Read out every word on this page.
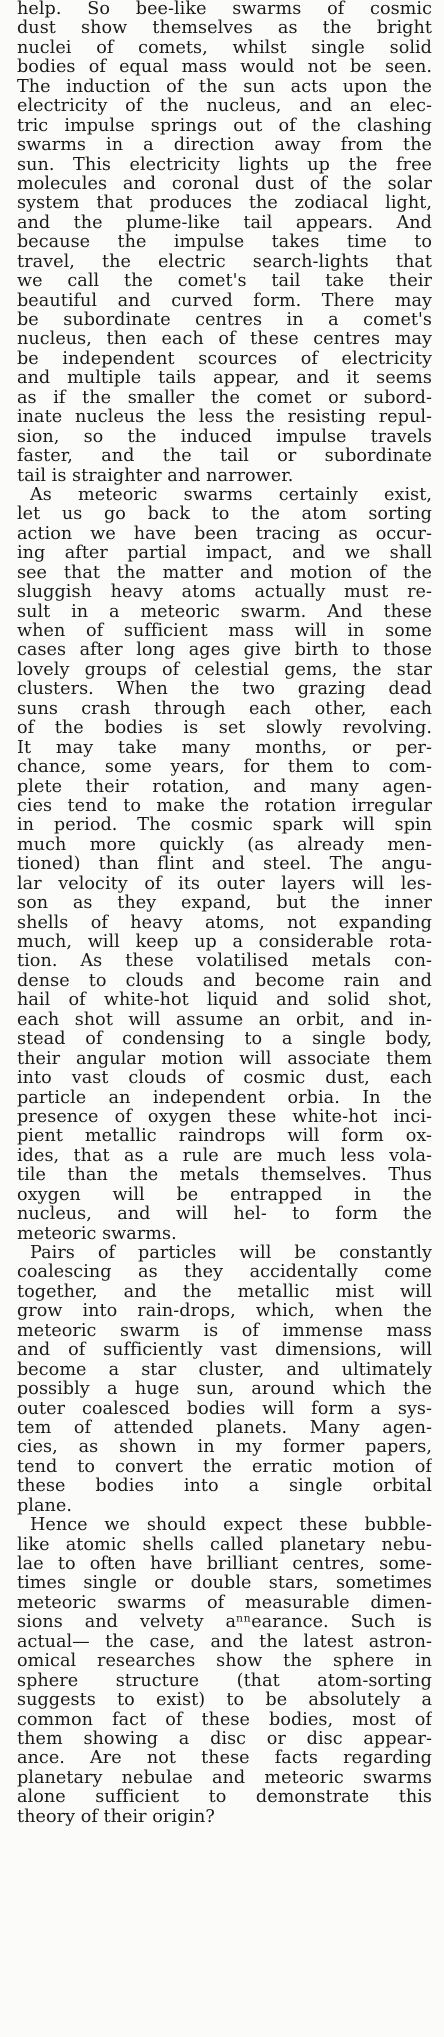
help. So bee-like swarms of cosmic
dust show themselves as the bright
nuclei of comets, whilst single solid
bodies of equal mass would not be seen.
The induction of the sun acts upon the
electricity of the nucleus, and an elec-
tric impulse springs out of the clashing
swarms in a direction away from the
sun. This electricity lights up the free
molecules and coronal dust of the solar
system that produces the zodiacal light,
and the plume-like tail appears. And
because the impulse takes time to
travel, the electric search-lights that
we call the comet's tail take their
beautiful and curved form. There may
be subordinate centres in a comet's
nucleus, then each of these centres may
be independent scources of electricity
and multiple tails appear, and it seems
as if the smaller the comet or subord-
inate nucleus the less the resisting repul-
sion, so the induced impulse travels
faster, and the tail or subordinate
tail is straighter and narrower.
As meteoric swarms certainly exist,
let us go back to the atom sorting
action we have been tracing as occur-
ing after partial impact, and we shall
see that the matter and motion of the
sluggish heavy atoms actually must re-
sult in a meteoric swarm. And these
when of sufficient mass will in some
cases after long ages give birth to those
lovely groups of celestial gems, the star
clusters. When the two grazing dead
suns crash through each other, each
of the bodies is set slowly revolving.
It may take many months, or per-
chance, some years, for them to com-
plete their rotation, and many agen-
cies tend to make the rotation irregular
in period. The cosmic spark will spin
much more quickly (as already men-
tioned) than flint and steel. The angu-
lar velocity of its outer layers will les-
son as they expand, but the inner
shells of heavy atoms, not expanding
much, will keep up a considerable rota-
tion. As these volatilised metals con-
dense to clouds and become rain and
hail of white-hot liquid and solid shot,
each shot will assume an orbit, and in-
stead of condensing to a single body,
their angular motion will associate them
into vast clouds of cosmic dust, each
particle an independent orbia. In the
presence of oxygen these white-hot inci-
pient metallic raindrops will form ox-
ides, that as a rule are much less vola-
tile than the metals themselves. Thus
oxygen will be entrapped in the
nucleus, and will hel- to form the
meteoric swarms.
Pairs of particles will be constantly
coalescing as they accidentally come
together, and the metallic mist will
grow into rain-drops, which, when the
meteoric swarm is of immense mass
and of sufficiently vast dimensions, will
become a star cluster, and ultimately
possibly a huge sun, around which the
outer coalesced bodies will form a sys-
tem of attended planets. Many agen-
cies, as shown in my former papers,
tend to convert the erratic motion of
these bodies into a single orbital
plane.
Hence we should expect these bubble-
like atomic shells called planetary nebu-
lae to often have brilliant centres, some-
times single or double stars, sometimes
meteoric swarms of measurable dimen-
sions and velvety aⁿⁿearance. Such is
actual— the case, and the latest astron-
omical researches show the sphere in
sphere structure (that atom-sorting
suggests to exist) to be absolutely a
common fact of these bodies, most of
them showing a disc or disc appear-
ance. Are not these facts regarding
planetary nebulae and meteoric swarms
alone sufficient to demonstrate this
theory of their origin?
